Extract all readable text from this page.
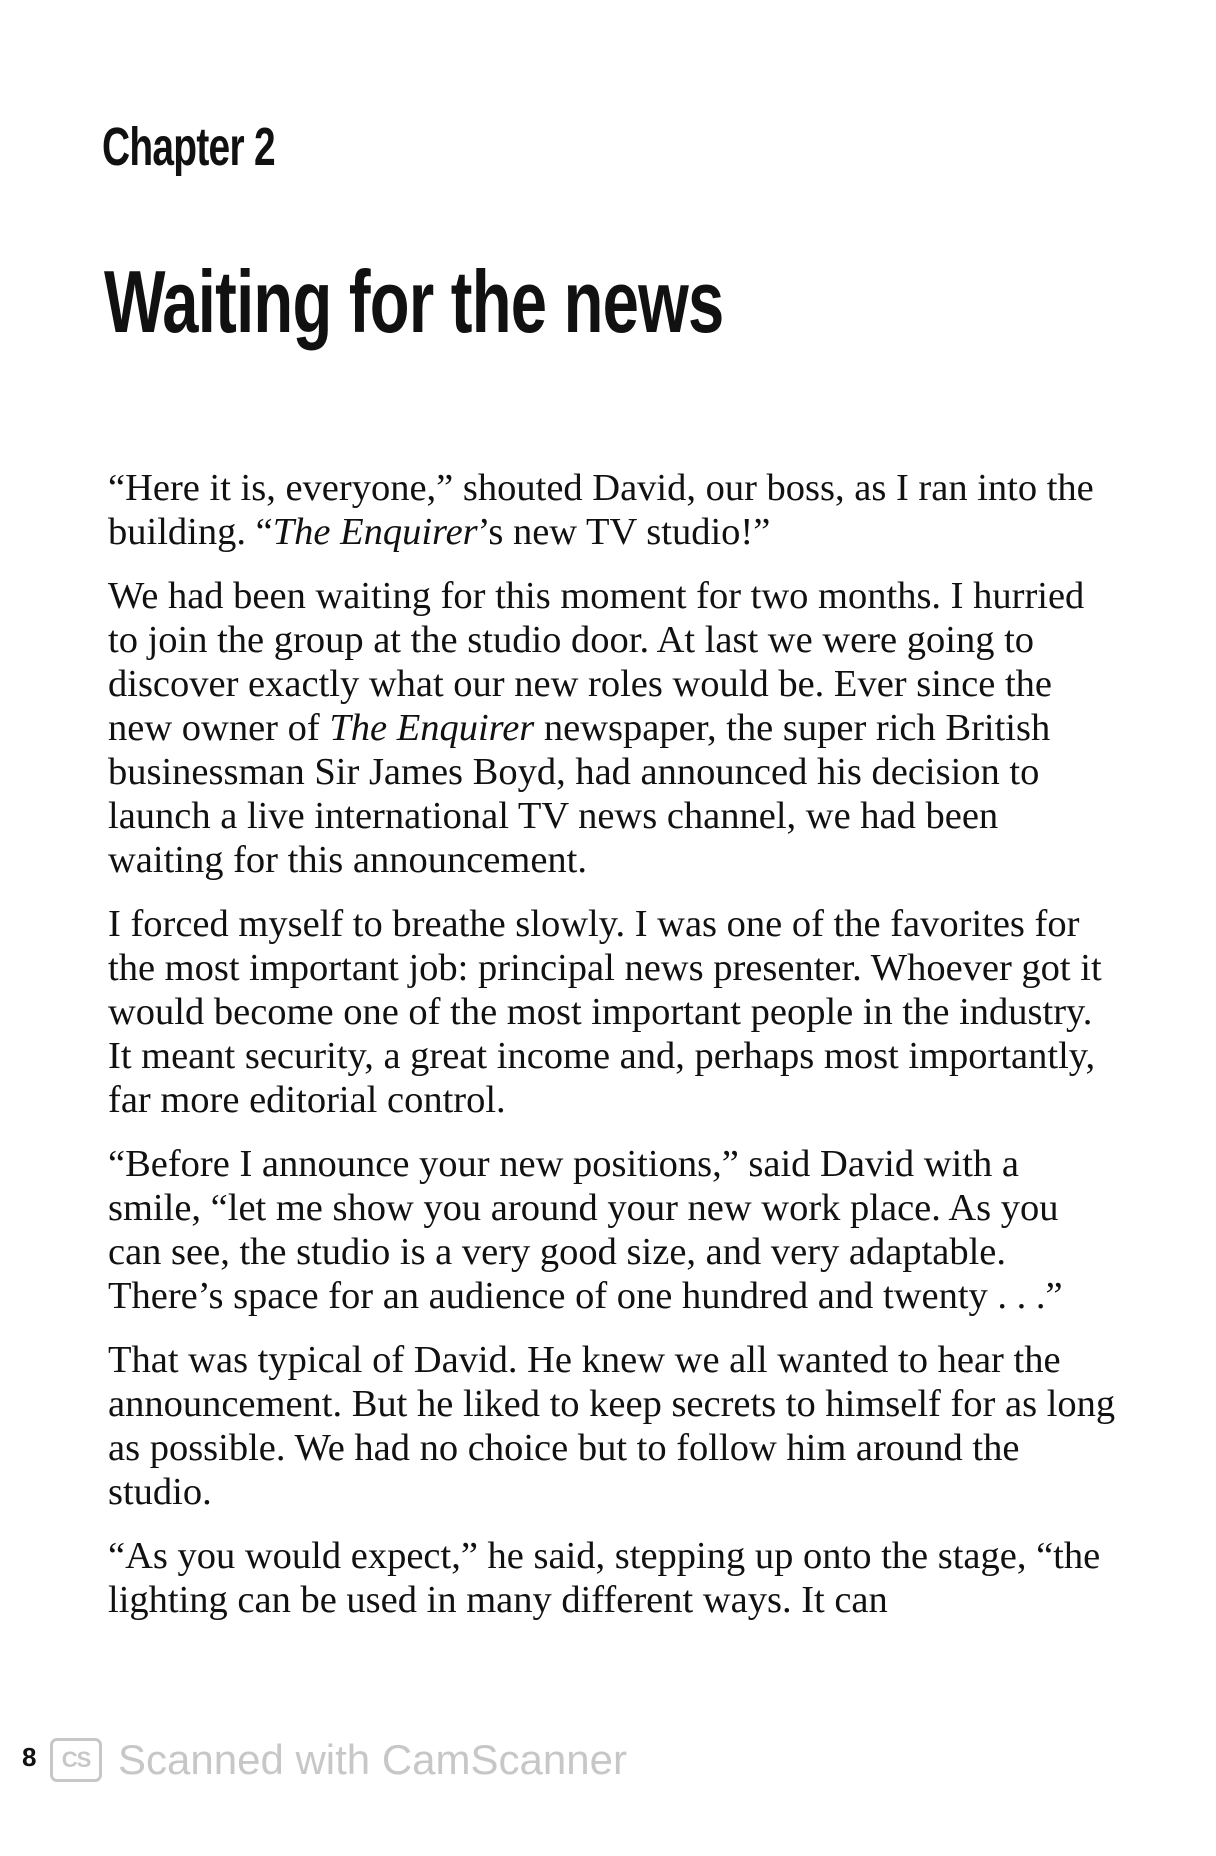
Chapter 2
Waiting for the news

“Here it is, everyone,” shouted David, our boss, as I ran into the building. “The Enquirer’s new TV studio!”

We had been waiting for this moment for two months. I hurried to join the group at the studio door. At last we were going to discover exactly what our new roles would be. Ever since the new owner of The Enquirer newspaper, the super rich British businessman Sir James Boyd, had announced his decision to launch a live international TV news channel, we had been waiting for this announcement.

I forced myself to breathe slowly. I was one of the favorites for the most important job: principal news presenter. Whoever got it would become one of the most important people in the industry. It meant security, a great income and, perhaps most importantly, far more editorial control.

“Before I announce your new positions,” said David with a smile, “let me show you around your new work place. As you can see, the studio is a very good size, and very adaptable. There’s space for an audience of one hundred and twenty . . .”

That was typical of David. He knew we all wanted to hear the announcement. But he liked to keep secrets to himself for as long as possible. We had no choice but to follow him around the studio.

“As you would expect,” he said, stepping up onto the stage, “the lighting can be used in many different ways. It can

8	CS Scanned with CamScanner
